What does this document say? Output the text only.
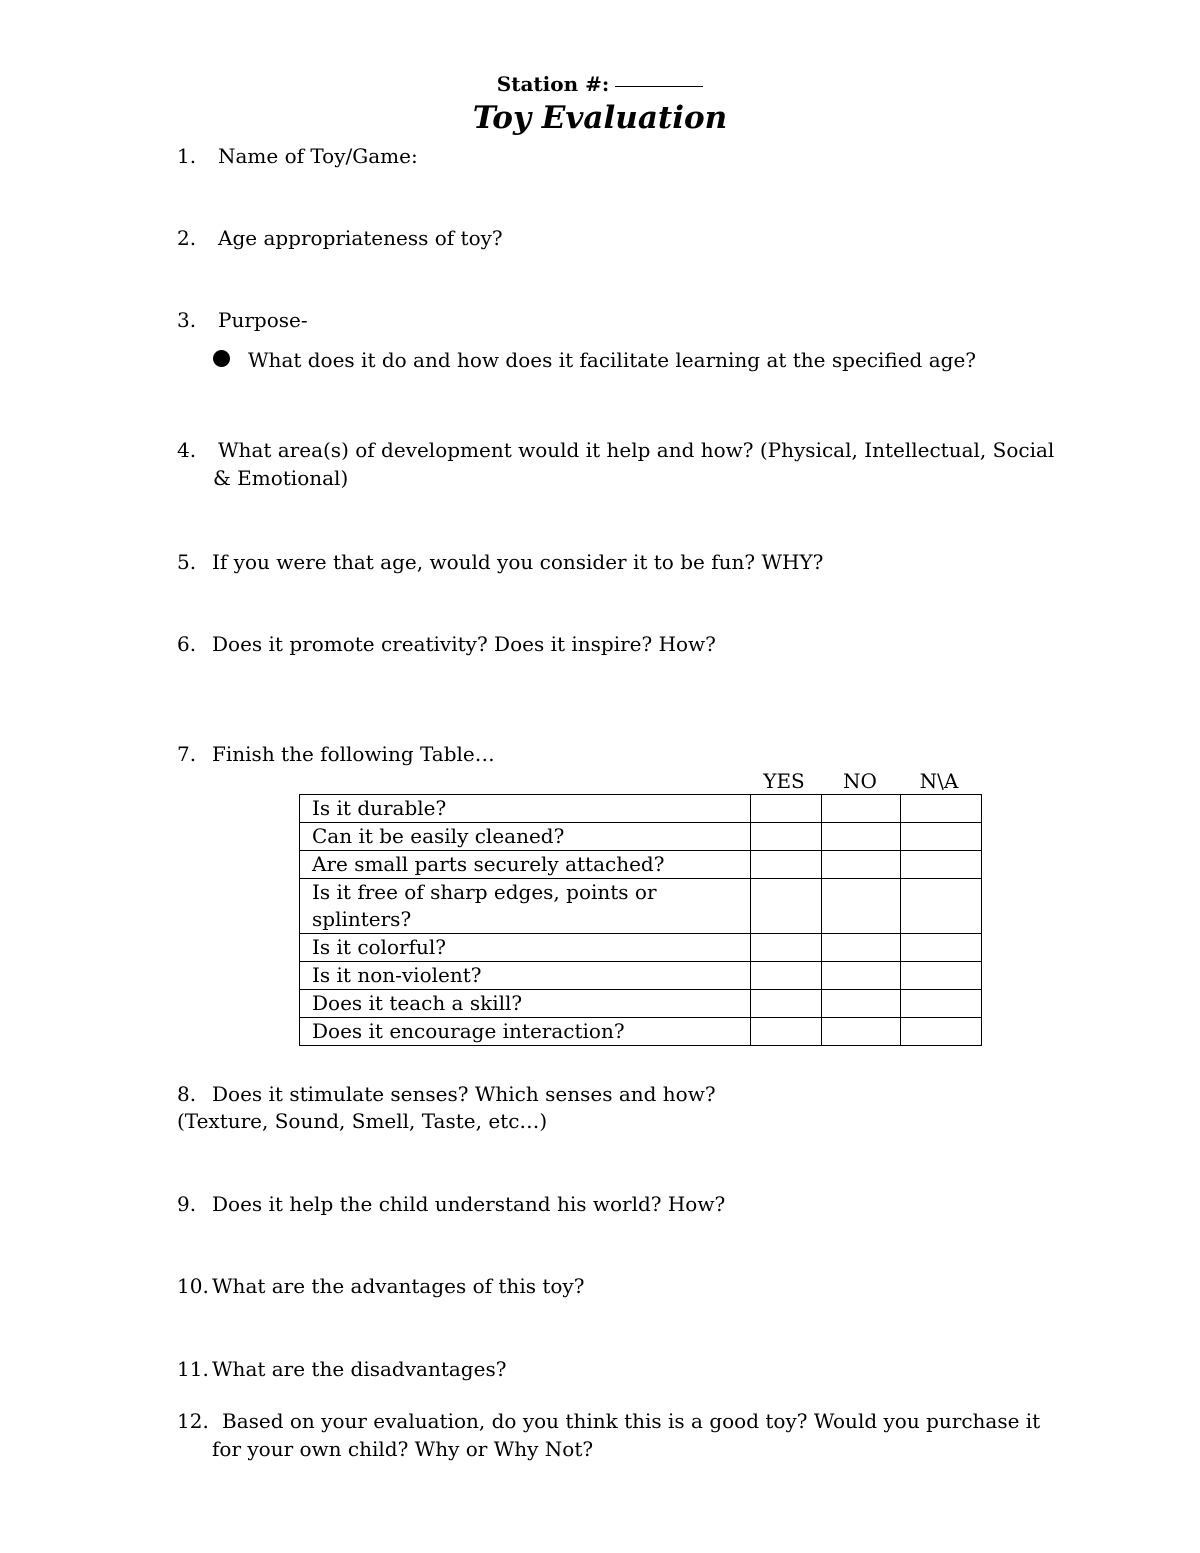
Station #:
Toy Evaluation
1. Name of Toy/Game:
2. Age appropriateness of toy?
3. Purpose-
What does it do and how does it facilitate learning at the specified age?
4. What area(s) of development would it help and how? (Physical, Intellectual, Social
& Emotional)
5. If you were that age, would you consider it to be fun? WHY?
6. Does it promote creativity? Does it inspire? How?
7. Finish the following Table…
YES	NO	N\A
Is it durable?			
Can it be easily cleaned?			
Are small parts securely attached?			

Is it free of sharp edges, points or
splinters?			

Is it colorful?			
Is it non-violent?			
Does it teach a skill?			
Does it encourage interaction?			
8. Does it stimulate senses? Which senses and how?
(Texture, Sound, Smell, Taste, etc…)
9. Does it help the child understand his world? How?
10. What are the advantages of this toy?
11. What are the disadvantages?
12. Based on your evaluation, do you think this is a good toy? Would you purchase it
for your own child? Why or Why Not?
